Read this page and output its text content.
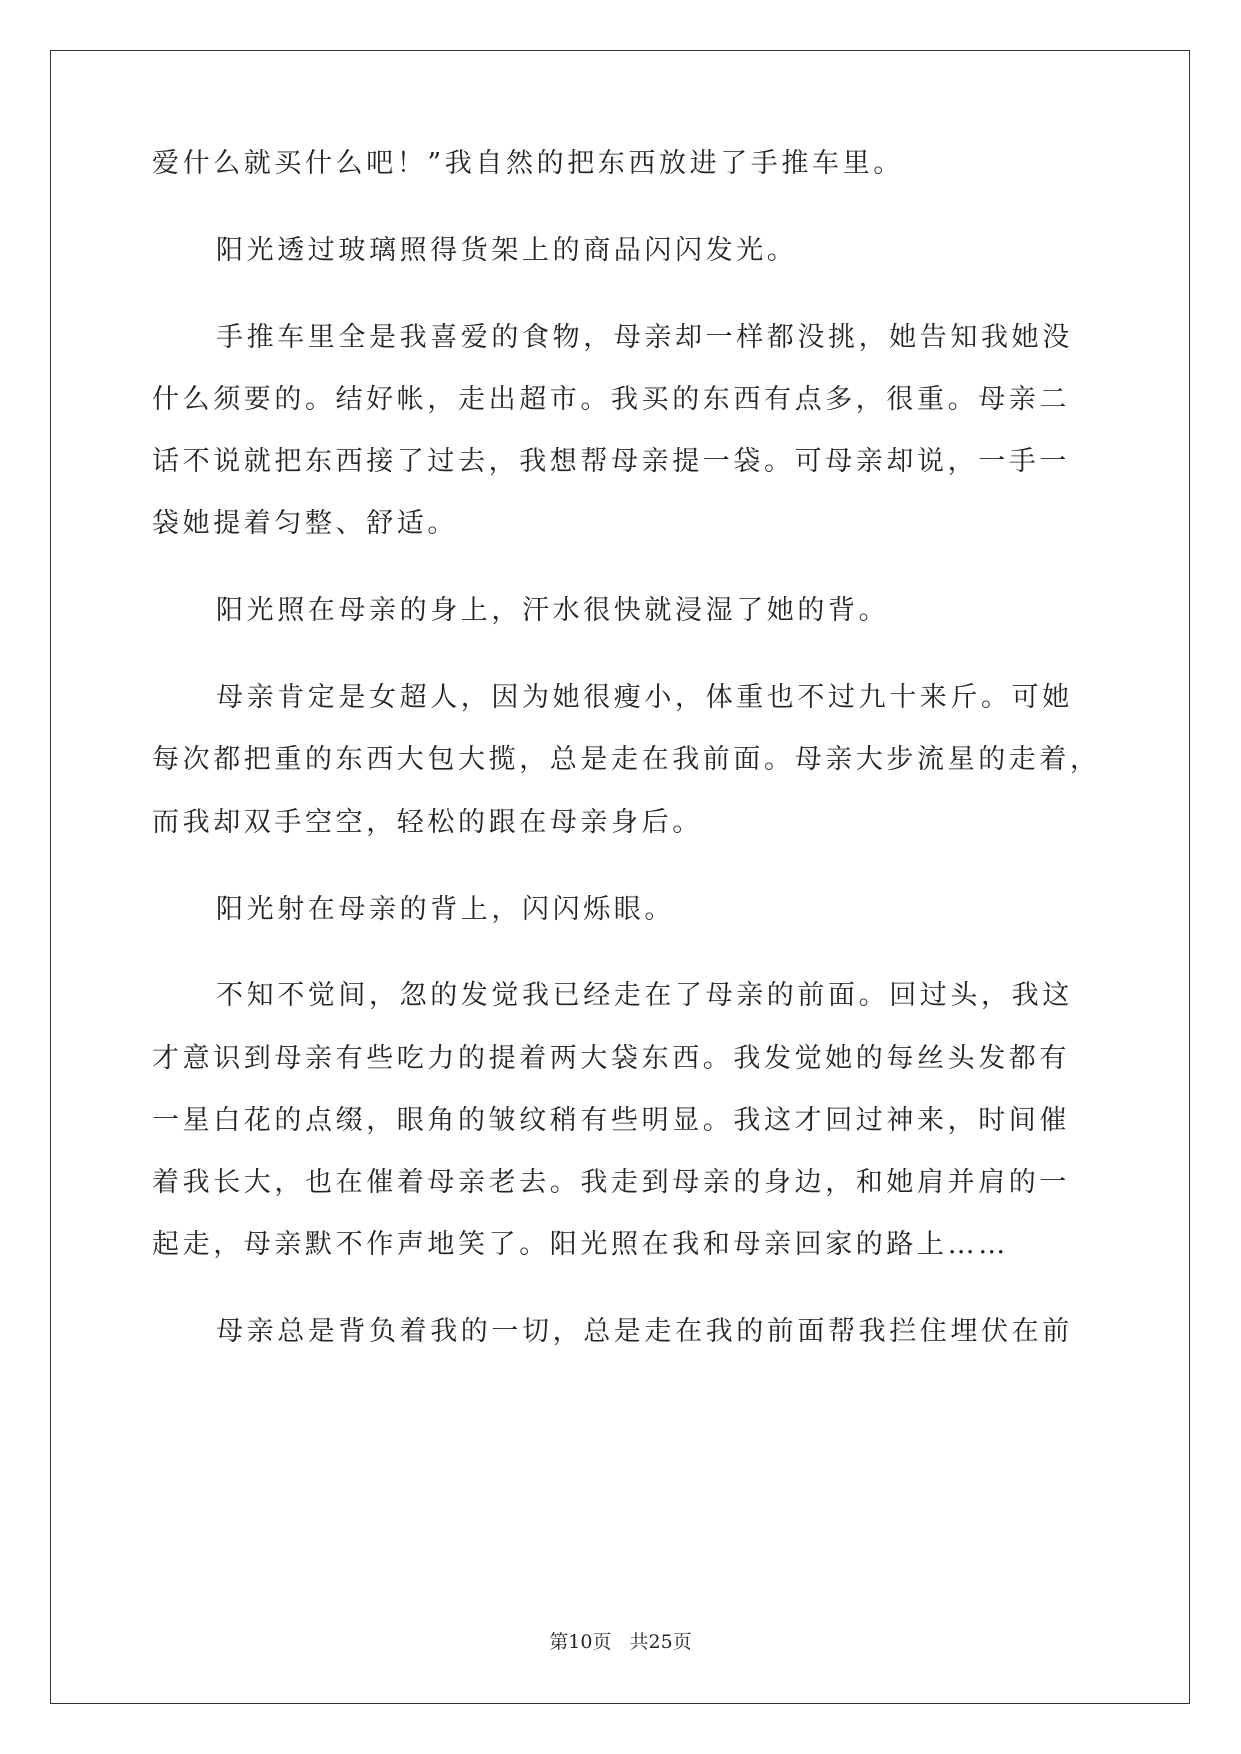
爱什么就买什么吧！”我自然的把东西放进了手推车里。
阳光透过玻璃照得货架上的商品闪闪发光。
手推车里全是我喜爱的食物，母亲却一样都没挑，她告知我她没
什么须要的。结好帐，走出超市。我买的东西有点多，很重。母亲二
话不说就把东西接了过去，我想帮母亲提一袋。可母亲却说，一手一
袋她提着匀整、舒适。
阳光照在母亲的身上，汗水很快就浸湿了她的背。
母亲肯定是女超人，因为她很瘦小，体重也不过九十来斤。可她
每次都把重的东西大包大揽，总是走在我前面。母亲大步流星的走着，
而我却双手空空，轻松的跟在母亲身后。
阳光射在母亲的背上，闪闪烁眼。
不知不觉间，忽的发觉我已经走在了母亲的前面。回过头，我这
才意识到母亲有些吃力的提着两大袋东西。我发觉她的每丝头发都有
一星白花的点缀，眼角的皱纹稍有些明显。我这才回过神来，时间催
着我长大，也在催着母亲老去。我走到母亲的身边，和她肩并肩的一
起走，母亲默不作声地笑了。阳光照在我和母亲回家的路上……
母亲总是背负着我的一切，总是走在我的前面帮我拦住埋伏在前
第10页 共25页
